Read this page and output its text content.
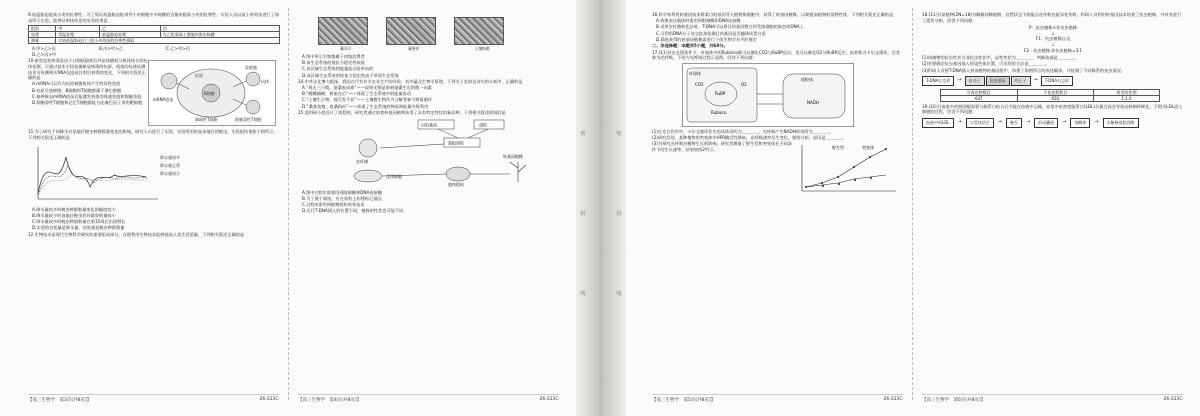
9.低温胁迫提高小麦的抗寒性。为了验证低温胁迫能诱导小麦细胞中水杨酸的含量来提高小麦的抗寒性，实验人员以某小麦幼苗进行了如表所示实验。能够证明该结论的实验结果是

组别	甲	乙	丙
处理	常温处理	低温胁迫处理	在乙组基础上增施外源水杨酸
测量	比较低温胁迫后三组小麦幼苗的抗寒性强弱		
A.甲>乙>丙	B.丙>甲>乙	C.乙>甲>丙
D.乙>丙>甲

10.新型冠状病毒是由于口咽拭取样后外泌体随机与机体结合的抗体检测，可通过技术手段检测新冠病毒的抗原，机体的抗体检测技术可检测相关RNA及疫苗注射后病毒的变化，下列相关叙述正确的是

A.mRNA可以作为抗原刺激机体产生特异性免疫

B.抗原呈递细胞、B细胞和T细胞都属于淋巴细胞

C.接种新冠mRNA疫苗后能激发机体的体液免疫和细胞免疫

D.细胞毒性T细胞和记忆T细胞都能分泌淋巴因子杀伤靶细胞

mRNA疫苗
抗原
辅助性T细胞
B细胞
浆细胞
抗体
细胞毒性T细胞

11.为了研究不同降水对某地区蝗虫种群数量变化的影响，研究人员进行了实验，实验所用的是该地区的蝗虫，实验组结果如下图所示，下列相关叙述正确的是

降水量较多
降水量正常
降水量较少

A.降水量较多时蝗虫种群数量变化的幅度较大

B.降水量较少时该地区蝗虫的环境容纳量较小

C.降水量较多时蝗虫种群数量在第15周后出现增长

D.实验的自变量是降水量，因变量是蝗虫种群数量

12.生物技术是现代生物科学研究的重要组成部分，合理利用生物技术能够提高人类生活质量，下列相关叙述正确的是

【高三生物学　第3页(共8页)】	·26-223C·
藏羚羊	藏野驴	土壤细菌

A.图中所示生物都属于初级消费者

B.该生态系统的抵抗力稳定性较低

C.该区域生态系统的能量流动是单向的

D.该区域生态系统的恢复力稳定性高于草原生态系统

14.中华文化博大精深，我国古代有许多农业生产的经验，其中蕴含生物学原理，下列关于农谚及诗句的分析中，正确的是

A.“春无三日晴，蚕桑收成难”——说明光照是影响蚕桑生长的唯一因素

B.“螳螂捕蝉，黄雀在后”——体现了生态系统中的能量流动

C.“土壤生万物，地可发千祥”——土壤微生物作为分解者参与物质循环

D.“桑基鱼塘，鱼桑俱旺”——体现了生态系统的物质和能量多级利用

15.某科研小组设计了流程图，研究者通过培育转基因植物获得了具有特定性状的新品种，下列相关叙述错误的是

目的基因	质粒
重组质粒
农杆菌
受体细胞
愈伤组织
转基因植株

A.图中过程①需要用到限制酶和DNA连接酶

B.为了便于筛选，应在质粒上构建标记基因

C.过程②需用到植物组织培养技术

D.后代T-DNA插入的位置不同，植株的性状也可能不同

【高三生物学　第4页(共8页)】	·26-223C·
密
封
线
密
封
线

16.科学家利用转基因技术将某目的基因导入植物体细胞中，获得了转基因植株，以期提高植物的某种性状，下列相关叙述正确的是

A.构建表达载体时需用到限制酶和DNA连接酶

B.采用农杆菌转化法时，T-DNA可以将目的基因整合到受体细胞的染色体DNA上

C.可利用DNA分子杂交技术检测目的基因是否翻译成蛋白质

D.筛选获得的转基因植株需进行个体生物学水平的鉴定

二、非选择题：本题共5小题，共60分。

17.(11分)在光照条件下，叶绿体中的Rubisco既可以催化CO2与RuBP反应，也可以催化O2与RuBP反应，前者称为卡尔文循环，后者称为光呼吸。下图为光呼吸过程示意图。回答下列问题：

叶绿体
线粒体
CO2
RuBP
Rubisco
O2
NADH

(1)在光合作用中，卡尔文循环发生的具体场所为＿＿＿＿，光呼吸产生NADH的场所为＿＿＿＿。

(2)研究发现，某种植物的突变体中HPR酶活性降低，光呼吸速率发生变化，据图分析，原因是＿＿＿＿。

(3)为探究光呼吸对植物生长的影响，研究者测量了野生型和突变体在不同条件下的生长速率，结果如图2所示。	野生型	突变体
【高三生物学　第5页(共8页)】	·26-223C·

18.(11分)某植物(2N=18)为雌雄同株植物，自然状态下既能自花传粉也能异花传粉。科研人员利用转基因技术培育了抗虫植株，并对其进行了遗传分析，回答下列问题：

P：抗虫植株×非抗虫植株
↓
F1：抗虫植株自交
↓
F2：抗虫植株∶非抗虫植株=3∶1

(1)该植物的抗虫性状与非抗虫性状中，显性性状为＿＿＿＿，判断依据是＿＿＿＿。

(2)若要确定抗虫基因插入的染色体位置，可采用的方法是＿＿＿＿。

(3)科研人员将T-DNA插入到该植物的基因组中，构建了如图所示的表达载体，并检测了不同株系的抗虫情况。

T-DNA左边界	→	启动子	抗虫基因	终止子	→	T-DNA右边界
可育花粉数目	不育花粉数目	两者的比例
647	650	1∶1.0

19.(10分)血浆中的胆固醇需要与脂蛋白结合后才能在血液中运输，血浆中低密度脂蛋白(LDL)含量过高会导致动脉粥样硬化，下图为LDL进入细胞的过程，回答下列问题：

血液中的LDL	→	与受体结合	→	胞吞	→	形成囊泡	→	溶酶体	→	水解释放胆固醇
【高三生物学　第6页(共8页)】	·26-223C·
